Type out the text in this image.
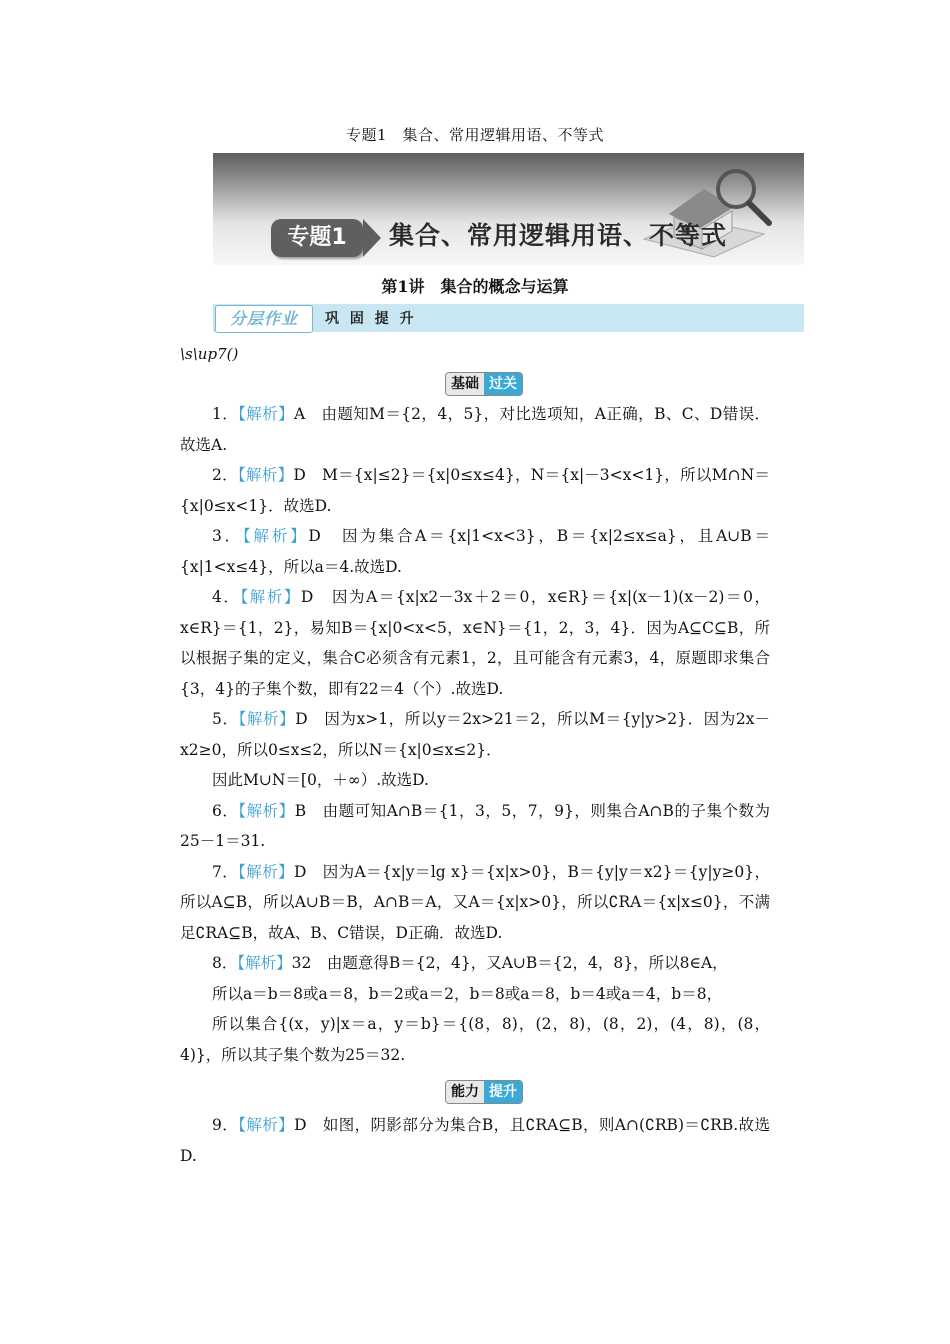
专题1　集合、常用逻辑用语、不等式
专题1	集合、常用逻辑用语、不等式
第1讲　集合的概念与运算
分层作业	巩 固 提 升
\s\up7()
基础 过关

1．【解析】A　 由题知M＝{2，4，5}，对比选项知，A正确，B、C、D错误．故选A.

2．【解析】D　 M＝{x|≤2}＝{x|0≤x≤4}，N＝{x|－3<x<1}，所以M∩N＝{x|0≤x<1}．故选D.

3．【解析】D　 因为集合A＝{x|1<x<3}，B＝{x|2≤x≤a}，且A∪B＝{x|1<x≤4}，所以a＝4.故选D.

4．【解析】D　 因为A＝{x|x2－3x＋2＝0，x∈R}＝{x|(x－1)(x－2)＝0，x∈R}＝{1，2}，易知B＝{x|0<x<5，x∈N}＝{1，2，3，4}．因为A⊆C⊆B，所以根据子集的定义，集合C必须含有元素1，2，且可能含有元素3，4，原题即求集合{3，4}的子集个数，即有22＝4（个）.故选D.

5．【解析】D　 因为x>1，所以y＝2x>21＝2，所以M＝{y|y>2}．因为2x－x2≥0，所以0≤x≤2，所以N＝{x|0≤x≤2}．

因此M∪N＝[0，＋∞）.故选D.

6．【解析】B　 由题可知A∩B＝{1，3，5，7，9}，则集合A∩B的子集个数为25－1＝31.

7．【解析】D　 因为A＝{x|y＝lg x}＝{x|x>0}，B＝{y|y＝x2}＝{y|y≥0}，所以A⊆B，所以A∪B＝B，A∩B＝A，又A＝{x|x>0}，所以∁RA＝{x|x≤0}，不满足∁RA⊆B，故A、B、C错误，D正确．故选D.

8．【解析】32　 由题意得B＝{2，4}，又A∪B＝{2，4，8}，所以8∈A，

所以a＝b＝8或a＝8，b＝2或a＝2，b＝8或a＝8，b＝4或a＝4，b＝8，

所以集合{(x，y)|x＝a，y＝b}＝{(8，8)，(2，8)，(8，2)，(4，8)，(8，4)}，所以其子集个数为25＝32.

能力 提升

9．【解析】D　 如图，阴影部分为集合B，且∁RA⊆B，则A∩(∁RB)＝∁RB.故选D.
